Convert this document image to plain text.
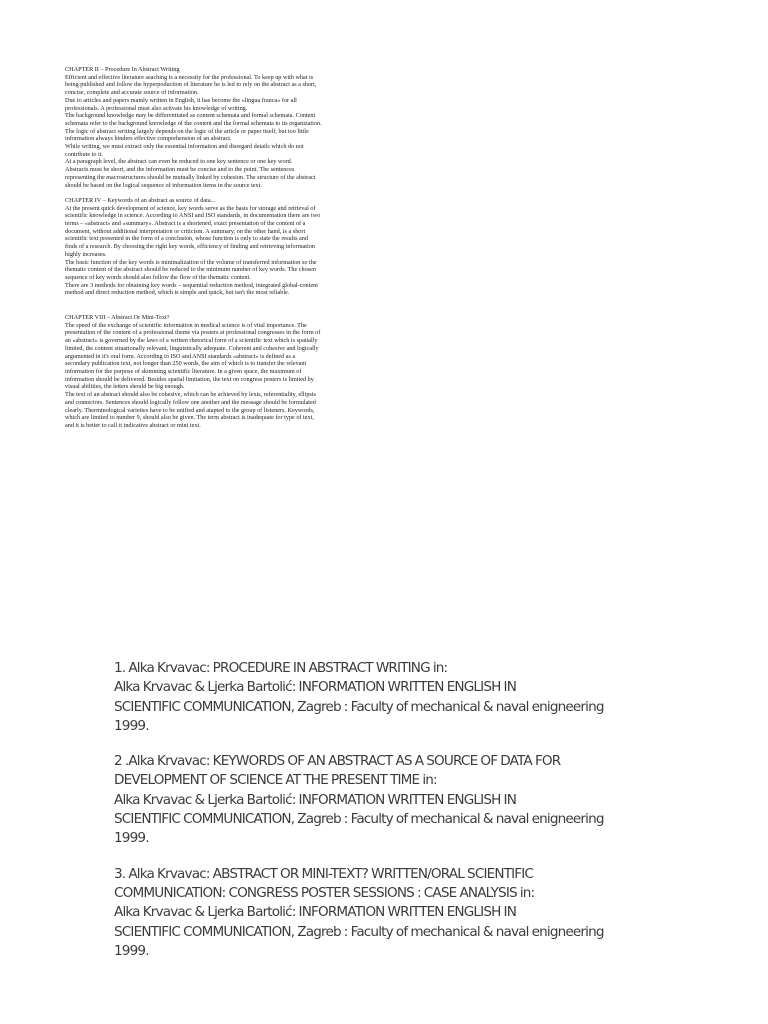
CHAPTER II – Procedure In Abstract Writing

Efficient and effective literature seaching is a necessity for the professional. To keep up with what is

being published and follow the hyperpoduction of literature he is led to rely on the abstract as a short,

concise, complete and accurate source of information.

Due to articles and papers mainly written in English, it has become the «lingua franca» for all

professionals. A professional must also activate his knowledge of writing.

The background knowledge may be differentiated as content schemata and formal schemata. Content

schemata refer to the background knowledge of the content and the formal schemata to its organization.

The logic of abstract writing largely depends on the logic of the article or paper itself, but too little

information always hinders effective comprehension of an abstract.

While writing, we must extract only the essential information and disregard details which do not

contribute to it.

At a paragraph level, the abstract can even be reduced to one key sentence or one key word.

Abstracts must be short, and the information must be concise and to the point. The sentences

representing the macrostructures should be mutually linked by cohesion. The structure of the abstract

should be based on the logical sequence of information items in the source text.

CHAPTER IV – Keywords of an abstract as source of data...

At the present quick development of science, key words serve as the basis for storage and retrieval of

scientific knowledge in science. According to ANSI and ISO standards, in documentation there are two

terms – «abstract» and «summary». Abstract is a shortened, exact presentation of the content of a

document, without additional interpretation or criticism. A summary, on the other hand, is a short

scientific text presented in the form of a conclusion, whose function is only to state the results and

finds of a research. By choosing the right key words, efficiency of finding and retrieving information

highly increases.

The basic function of the key words is minimalization of the volume of transferred information so the

thematic content of the abstract should be reduced to the minimum number of key words. The chosen

sequence of key words should also follow the flow of the thematic content.

There are 3 methods for obtaining key words – sequential reduction method, integrated global-content

method and direct reduction method, which is simple and quick, but isn't the most reliable.

CHAPTER VIII – Abstract Or Mini-Text?

The speed of the exchange of scientific information in medical science is of vital importance. The

presentation of the content of a professional theme via posters at professional congresses in the form of

an «abstract» is governed by the laws of a written rhetorical form of a scientific text which is spatially

limited, the content situationally relevant, linguistically adequate. Coherent and cohesive and logically

argumented in it's oral form. According to ISO and ANSI standards «abstract» is defined as a

secondary publication text, not longer than 250 words, the aim of which is to transfer the relevant

information for the purpose of skimming scientific literature. In a given space, the maximum of

information should be delivered. Besides spatial limitation, the text on congress posters is limited by

visual abilities, the letters should be big enough.

The text of an abstract should also be cohesive, which can be achieved by lexis, referentiality, ellipsis

and connectors. Sentences should logically follow one another and the message should be formulated

clearly. Therminological varieties have to be unified and atapted to the group of listeners. Keywords,

which are limited to number 9, should also be given. The term abstract is inadequate for type of text,

and it is better to call it indicative abstract or mini text.

1. Alka Krvavac: PROCEDURE IN ABSTRACT WRITING in:

Alka Krvavac & Ljerka Bartolić: INFORMATION WRITTEN ENGLISH IN

SCIENTIFIC COMMUNICATION, Zagreb : Faculty of mechanical & naval enigneering

1999.

2 .Alka Krvavac: KEYWORDS OF AN ABSTRACT AS A SOURCE OF DATA FOR

DEVELOPMENT OF SCIENCE AT THE PRESENT TIME in:

Alka Krvavac & Ljerka Bartolić: INFORMATION WRITTEN ENGLISH IN

SCIENTIFIC COMMUNICATION, Zagreb : Faculty of mechanical & naval enigneering

1999.

3. Alka Krvavac: ABSTRACT OR MINI-TEXT? WRITTEN/ORAL SCIENTIFIC

COMMUNICATION: CONGRESS POSTER SESSIONS : CASE ANALYSIS in:

Alka Krvavac & Ljerka Bartolić: INFORMATION WRITTEN ENGLISH IN

SCIENTIFIC COMMUNICATION, Zagreb : Faculty of mechanical & naval enigneering

1999.
